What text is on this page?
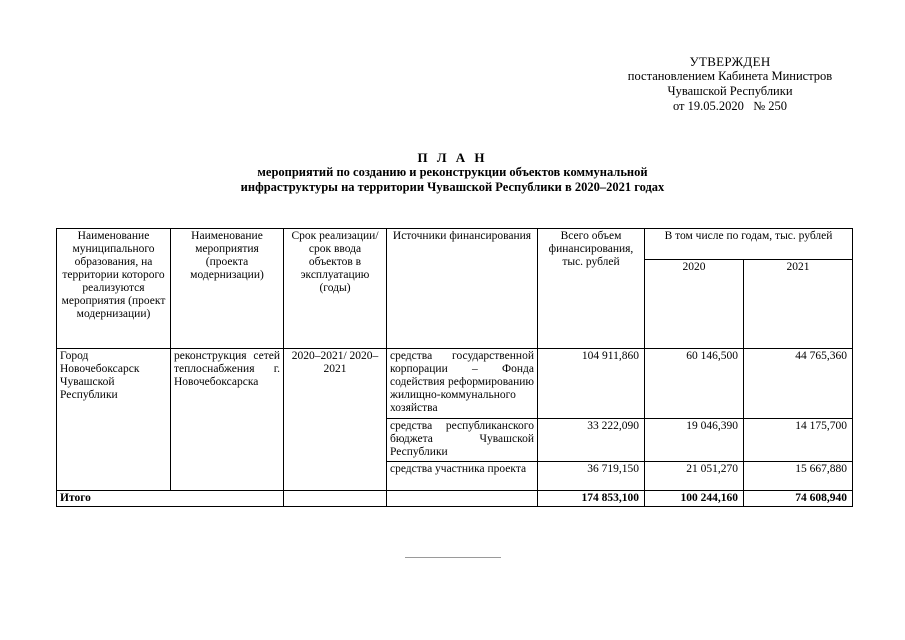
УТВЕРЖДЕН
постановлением Кабинета Министров
Чувашской Республики
от 19.05.2020   № 250
П Л А Н
мероприятий по созданию и реконструкции объектов коммунальной
инфраструктуры на территории Чувашской Республики в 2020–2021 годах
Наименование муниципального образования, на территории которого реализуются мероприятия (проект модернизации)	Наименование мероприятия (проекта модернизации)	Срок реализации/срок ввода объектов в эксплуатацию (годы)	Источники финансирования	Всего объем финансирования, тыс. рублей	В том числе по годам, тыс. рублей	
					2020	2021
Город Новочебоксарск Чувашской Республики	реконструкция сетей теплоснабжения г. Новочебоксарска	2020–2021/ 2020–2021	средства государственной корпорации – Фонда содействия реформированию жилищно-коммунального хозяйства	104 911,860	60 146,500	44 765,360
			средства республиканского бюджета Чувашской Республики	33 222,090	19 046,390	14 175,700
			средства участника проекта	36 719,150	21 051,270	15 667,880
Итого				174 853,100	100 244,160	74 608,940
